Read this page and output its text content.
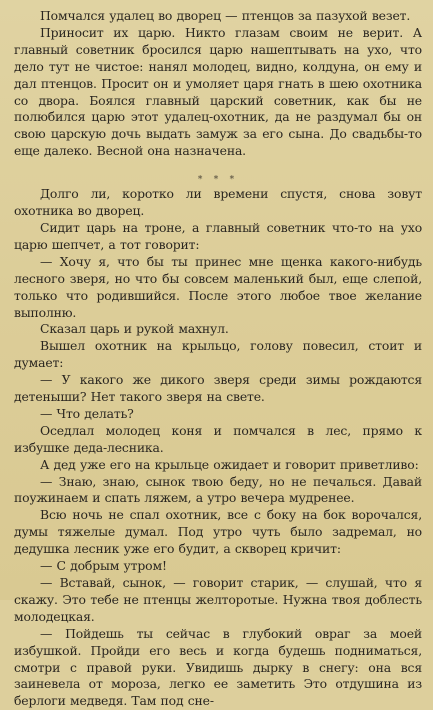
Помчался удалец во дворец — птенцов за пазухой везет.

Приносит их царю. Никто глазам своим не верит. А главный советник бросился царю нашептывать на ухо, что дело тут не чистое: нанял молодец, видно, колдуна, он ему и дал птенцов. Просит он и умоляет царя гнать в шею охотника со двора. Боялся главный царский советник, как бы не полюбился царю этот удалец-охотник, да не раздумал бы он свою царскую дочь выдать замуж за его сына. До свадьбы-то еще далеко. Весной она назначена.

* * *

Долго ли, коротко ли времени спустя, снова зовут охотника во дворец.

Сидит царь на троне, а главный советник что-то на ухо царю шепчет, а тот говорит:

— Хочу я, что бы ты принес мне щенка какого-нибудь лесного зверя, но что бы совсем маленький был, еще слепой, только что родившийся. После этого любое твое желание выполню.

Сказал царь и рукой махнул.

Вышел охотник на крыльцо, голову повесил, стоит и думает:

— У какого же дикого зверя среди зимы рождаются детеныши? Нет такого зверя на свете.

— Что делать?

Оседлал молодец коня и помчался в лес, прямо к избушке деда-лесника.

А дед уже его на крыльце ожидает и говорит приветливо:

— Знаю, знаю, сынок твою беду, но не печалься. Давай поужинаем и спать ляжем, а утро вечера мудренее.

Всю ночь не спал охотник, все с боку на бок ворочался, думы тяжелые думал. Под утро чуть было задремал, но дедушка лесник уже его будит, а скворец кричит:

— С добрым утром!

— Вставай, сынок, — говорит старик, — слушай, что я скажу. Это тебе не птенцы желторотые. Нужна твоя доблесть молодецкая.

— Пойдешь ты сейчас в глубокий овраг за моей избушкой. Пройди его весь и когда будешь подниматься, смотри с правой руки. Увидишь дырку в снегу: она вся заиневела от мороза, легко ее заметить Это отдушина из берлоги медведя. Там под сне-
